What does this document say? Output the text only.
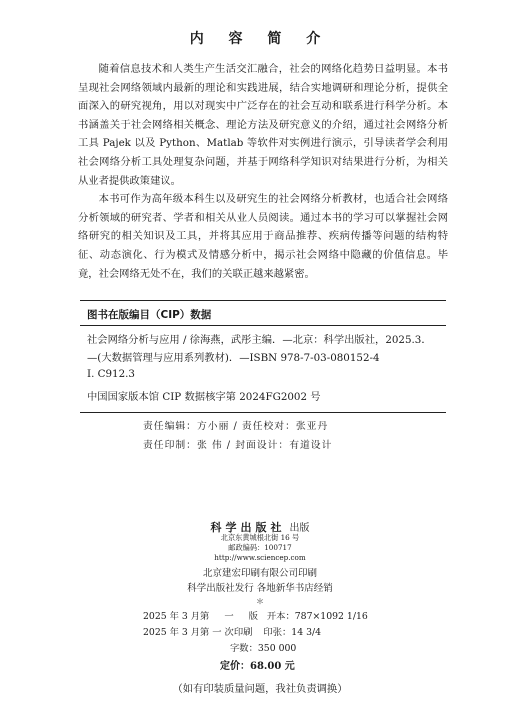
内 容 简 介

随着信息技术和人类生产生活交汇融合，社会的网络化趋势日益明显。本书呈现社会网络领域内最新的理论和实践进展，结合实地调研和理论分析，提供全面深入的研究视角，用以对现实中广泛存在的社会互动和联系进行科学分析。本书涵盖关于社会网络相关概念、理论方法及研究意义的介绍，通过社会网络分析工具 Pajek 以及 Python、Matlab 等软件对实例进行演示，引导读者学会利用社会网络分析工具处理复杂问题，并基于网络科学知识对结果进行分析，为相关从业者提供政策建议。

本书可作为高年级本科生以及研究生的社会网络分析教材，也适合社会网络分析领域的研究者、学者和相关从业人员阅读。通过本书的学习可以掌握社会网络研究的相关知识及工具，并将其应用于商品推荐、疾病传播等问题的结构特征、动态演化、行为模式及情感分析中，揭示社会网络中隐藏的价值信息。毕竟，社会网络无处不在，我们的关联正越来越紧密。

图书在版编目（CIP）数据
社会网络分析与应用 / 徐海燕，武彤主编．—北京：科学出版社，2025.3．
—(大数据管理与应用系列教材)．—ISBN 978-7-03-080152-4
Ⅰ. C912.3
中国国家版本馆 CIP 数据核字第 2024FG2002 号
责任编辑：方小丽 / 责任校对：张亚丹
责任印制：张 伟 / 封面设计：有道设计
科学出版社 出版
北京东黄城根北街 16 号
邮政编码：100717
http://www.sciencep.com
北京建宏印刷有限公司印刷
科学出版社发行 各地新华书店经销
＊
2025 年 3 月第 一 版 开本：787×1092 1/16
2025 年 3 月第 一 次印刷 印张：14 3/4
字数：350 000
定价：68.00 元
（如有印装质量问题，我社负责调换）
